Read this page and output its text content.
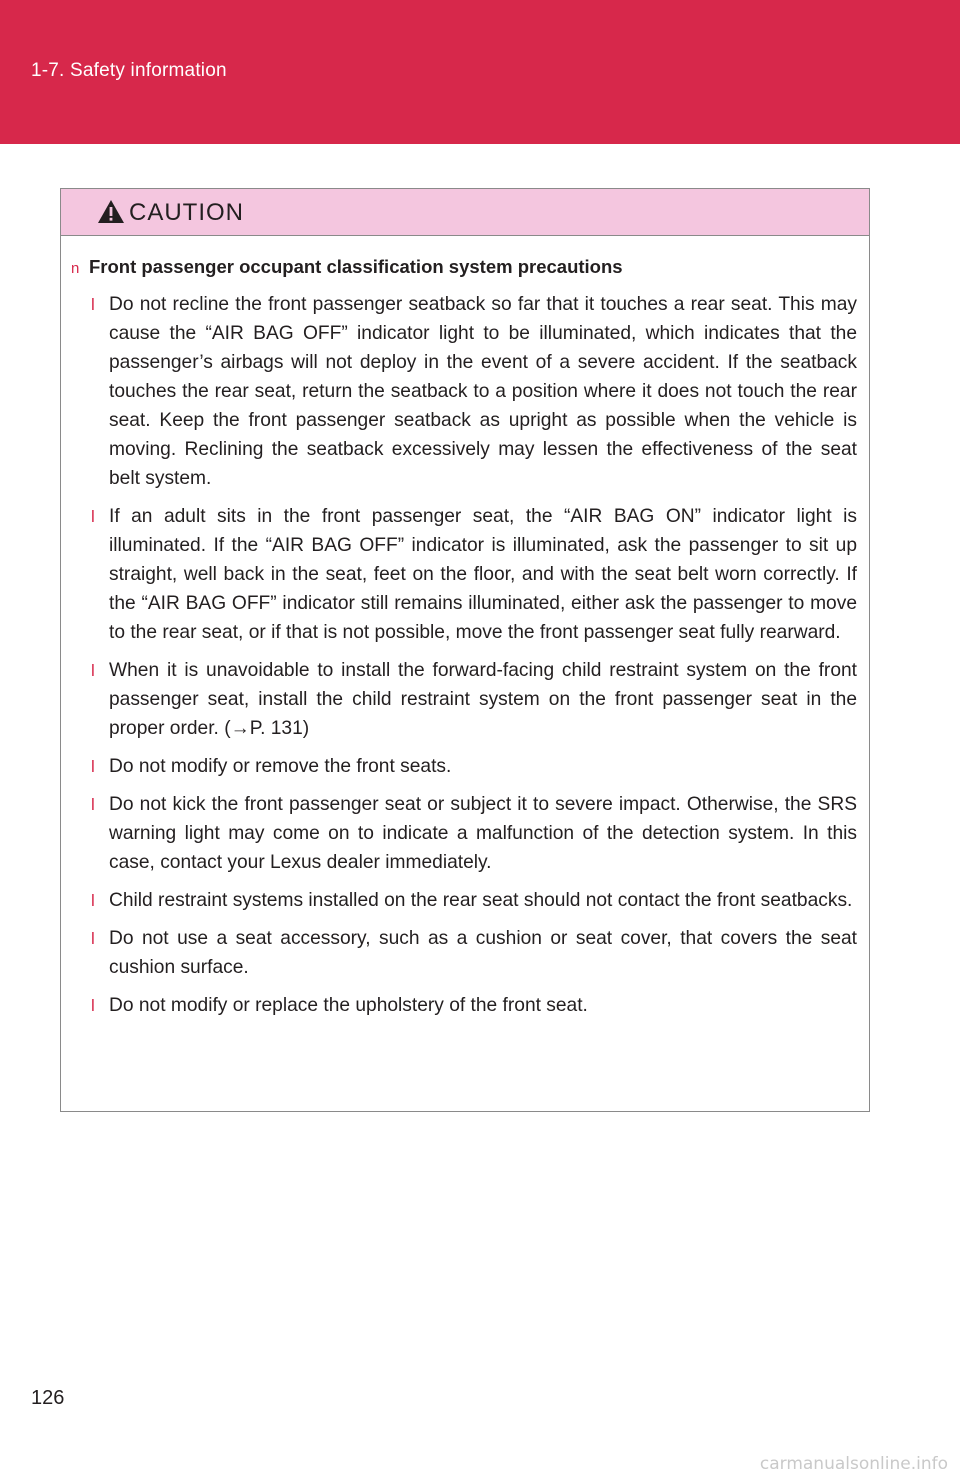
1-7. Safety information
CAUTION
n Front passenger occupant classification system precautions
l Do not recline the front passenger seatback so far that it touches a rear seat. This may cause the “AIR BAG OFF” indicator light to be illuminated, which indicates that the passenger’s airbags will not deploy in the event of a severe accident. If the seatback touches the rear seat, return the seatback to a position where it does not touch the rear seat. Keep the front passenger seatback as upright as possible when the vehicle is moving. Reclining the seatback excessively may lessen the effectiveness of the seat belt system.
l If an adult sits in the front passenger seat, the “AIR BAG ON” indicator light is illuminated. If the “AIR BAG OFF” indicator is illuminated, ask the passenger to sit up straight, well back in the seat, feet on the floor, and with the seat belt worn correctly. If the “AIR BAG OFF” indicator still remains illuminated, either ask the passenger to move to the rear seat, or if that is not possible, move the front passenger seat fully rearward.
l When it is unavoidable to install the forward-facing child restraint system on the front passenger seat, install the child restraint system on the front passenger seat in the proper order. (→P. 131)
l Do not modify or remove the front seats.
l Do not kick the front passenger seat or subject it to severe impact. Otherwise, the SRS warning light may come on to indicate a malfunction of the detection system. In this case, contact your Lexus dealer immediately.
l Child restraint systems installed on the rear seat should not contact the front seatbacks.
l Do not use a seat accessory, such as a cushion or seat cover, that covers the seat cushion surface.
l Do not modify or replace the upholstery of the front seat.
126
carmanualsonline.info
